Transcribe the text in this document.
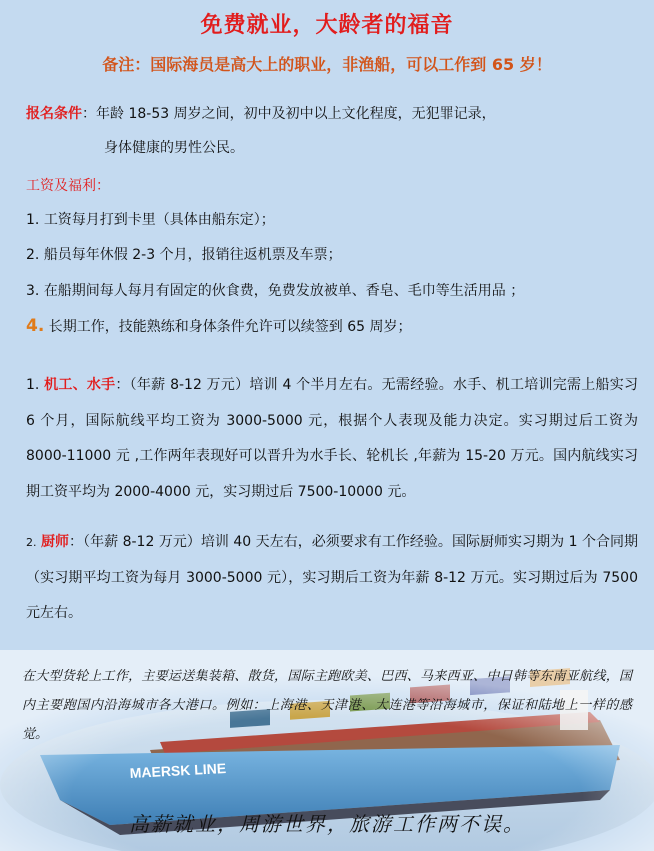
免费就业，大龄者的福音
备注：国际海员是高大上的职业，非渔船，可以工作到 65 岁！
报名条件：年龄 18-53 周岁之间，初中及初中以上文化程度，无犯罪记录，
身体健康的男性公民。
工资及福利：
1. 工资每月打到卡里（具体由船东定）；
2. 船员每年休假 2-3 个月，报销往返机票及车票；
3. 在船期间每人每月有固定的伙食费，免费发放被单、香皂、毛巾等生活用品 ；
4. 长期工作，技能熟练和身体条件允许可以续签到 65 周岁；
1. 机工、水手：（年薪 8-12 万元）培训 4 个半月左右。无需经验。水手、机工培训完需上船实习 6 个月，国际航线平均工资为 3000-5000 元，根据个人表现及能力决定。实习期过后工资为 8000-11000 元 ,工作两年表现好可以晋升为水手长、轮机长 ,年薪为 15-20 万元。国内航线实习期工资平均为 2000-4000 元，实习期过后 7500-10000 元。
2. 厨师：（年薪 8-12 万元）培训 40 天左右，必须要求有工作经验。国际厨师实习期为 1 个合同期（实习期平均工资为每月 3000-5000 元），实习期后工资为年薪 8-12 万元。实习期过后为 7500 元左右。
在大型货轮上工作，主要运送集装箱、散货，国际主跑欧美、巴西、马来西亚、中日韩等东南亚航线，国内主要跑国内沿海城市各大港口。例如：上海港、天津港、大连港等沿海城市，保证和陆地上一样的感觉。
高薪就业，周游世界，旅游工作两不误。
